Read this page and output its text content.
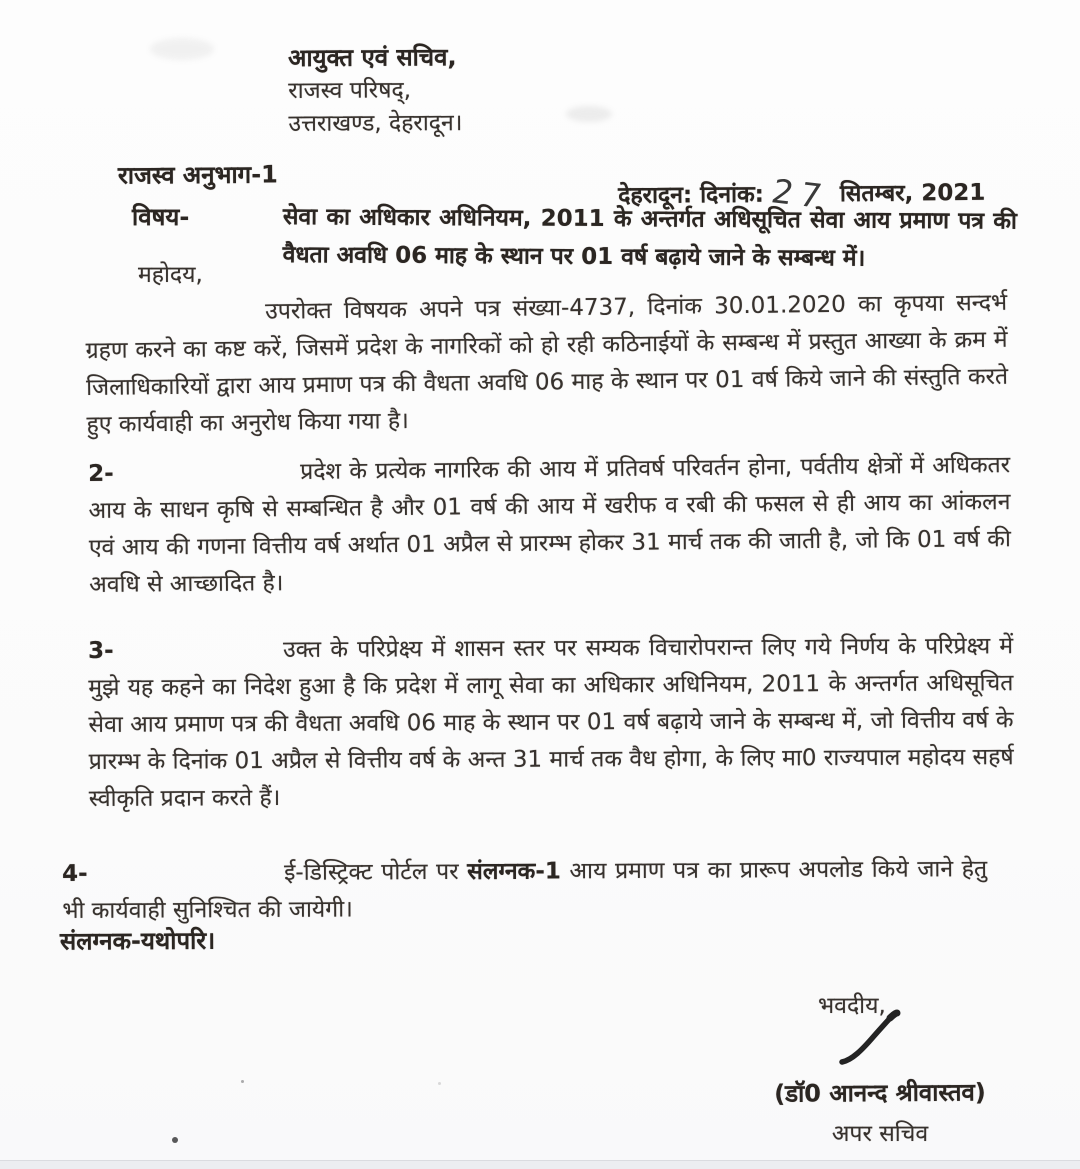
आयुक्त एवं सचिव,
राजस्व परिषद्,
उत्तराखण्ड, देहरादून।
राजस्व अनुभाग-1
देहरादून: दिनांक: 27 सितम्बर, 2021
विषय-	सेवा का अधिकार अधिनियम, 2011 के अन्तर्गत अधिसूचित सेवा आय प्रमाण पत्र की वैधता अवधि 06 माह के स्थान पर 01 वर्ष बढ़ाये जाने के सम्बन्ध में।
महोदय,
उपरोक्त विषयक अपने पत्र संख्या-4737, दिनांक 30.01.2020 का कृपया सन्दर्भ ग्रहण करने का कष्ट करें, जिसमें प्रदेश के नागरिकों को हो रही कठिनाईयों के सम्बन्ध में प्रस्तुत आख्या के क्रम में जिलाधिकारियों द्वारा आय प्रमाण पत्र की वैधता अवधि 06 माह के स्थान पर 01 वर्ष किये जाने की संस्तुति करते हुए कार्यवाही का अनुरोध किया गया है।
2-	प्रदेश के प्रत्येक नागरिक की आय में प्रतिवर्ष परिवर्तन होना, पर्वतीय क्षेत्रों में अधिकतर आय के साधन कृषि से सम्बन्धित है और 01 वर्ष की आय में खरीफ व रबी की फसल से ही आय का आंकलन एवं आय की गणना वित्तीय वर्ष अर्थात 01 अप्रैल से प्रारम्भ होकर 31 मार्च तक की जाती है, जो कि 01 वर्ष की अवधि से आच्छादित है।
3-	उक्त के परिप्रेक्ष्य में शासन स्तर पर सम्यक विचारोपरान्त लिए गये निर्णय के परिप्रेक्ष्य में मुझे यह कहने का निदेश हुआ है कि प्रदेश में लागू सेवा का अधिकार अधिनियम, 2011 के अन्तर्गत अधिसूचित सेवा आय प्रमाण पत्र की वैधता अवधि 06 माह के स्थान पर 01 वर्ष बढ़ाये जाने के सम्बन्ध में, जो वित्तीय वर्ष के प्रारम्भ के दिनांक 01 अप्रैल से वित्तीय वर्ष के अन्त 31 मार्च तक वैध होगा, के लिए मा0 राज्यपाल महोदय सहर्ष स्वीकृति प्रदान करते हैं।
4-	ई-डिस्ट्रिक्ट पोर्टल पर संलग्नक-1 आय प्रमाण पत्र का प्रारूप अपलोड किये जाने हेतु भी कार्यवाही सुनिश्चित की जायेगी।
संलग्नक-यथोपरि।
भवदीय,
(डॉ0 आनन्द श्रीवास्तव)
अपर सचिव
